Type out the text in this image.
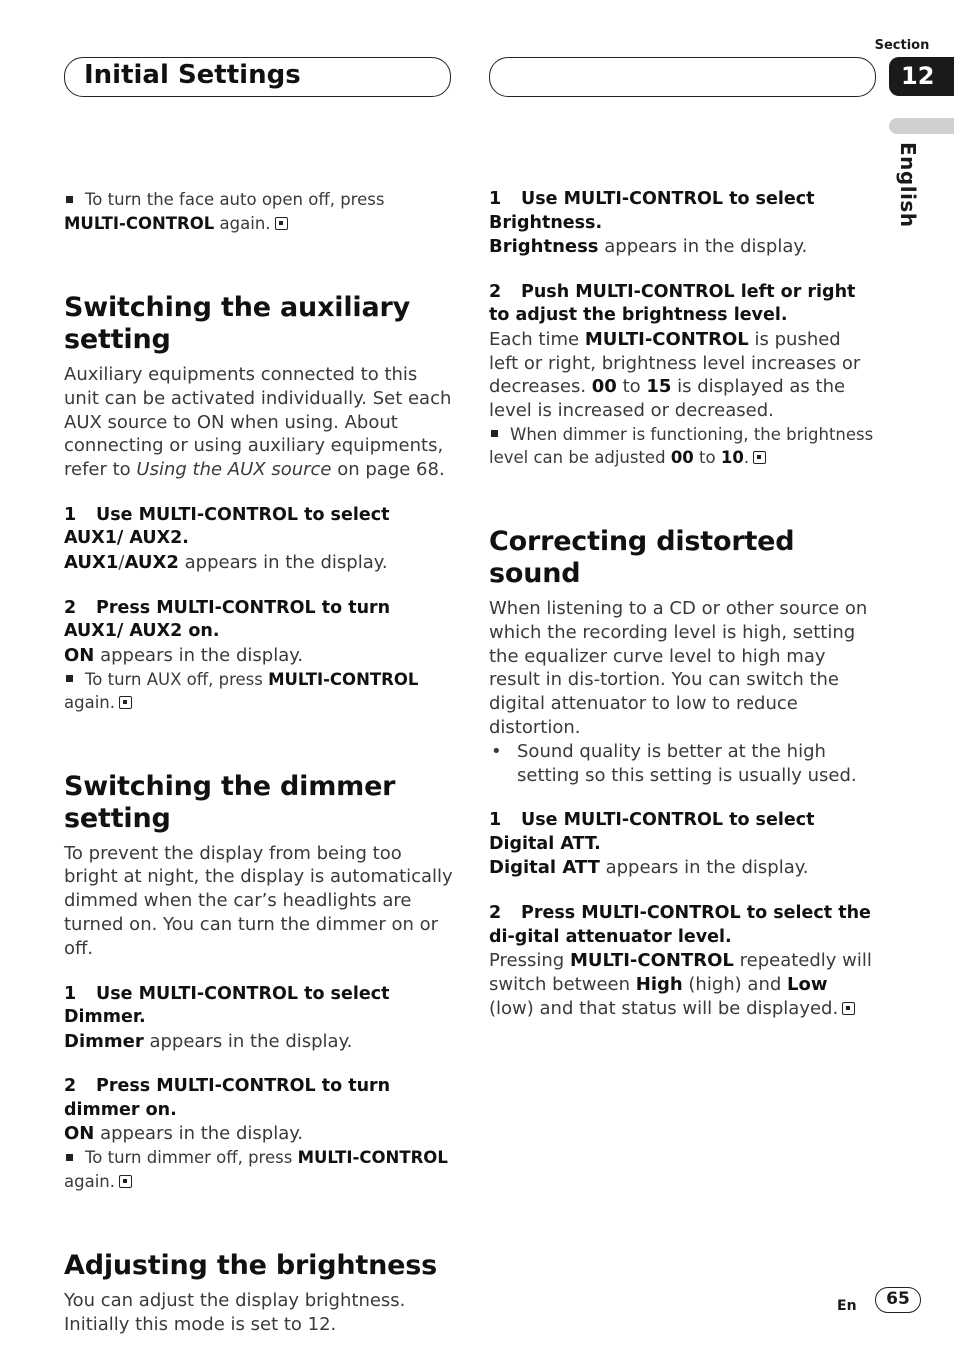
Initial Settings
Section
12
English

To turn the face auto open off, press
MULTI-CONTROL again.

Switching the auxiliary setting

Auxiliary equipments connected to this unit can be activated individually. Set each AUX source to ON when using. About connecting or using auxiliary equipments, refer to Using the AUX source on page 68.

1 Use MULTI-CONTROL to select AUX1/ AUX2.

AUX1/AUX2 appears in the display.

2 Press MULTI-CONTROL to turn AUX1/ AUX2 on.

ON appears in the display.

To turn AUX off, press MULTI-CONTROL
again.

Switching the dimmer setting

To prevent the display from being too bright at night, the display is automatically dimmed when the car’s headlights are turned on. You can turn the dimmer on or off.

1 Use MULTI-CONTROL to select Dimmer.

Dimmer appears in the display.

2 Press MULTI-CONTROL to turn dimmer on.

ON appears in the display.

To turn dimmer off, press MULTI-CONTROL
again.

Adjusting the brightness

You can adjust the display brightness. Initially this mode is set to 12.

1 Use MULTI-CONTROL to select Brightness.

Brightness appears in the display.

2 Push MULTI-CONTROL left or right to adjust the brightness level.

Each time MULTI-CONTROL is pushed left or right, brightness level increases or decreases. 00 to 15 is displayed as the level is increased or decreased.

When dimmer is functioning, the brightness level can be adjusted 00 to 10.

Correcting distorted sound

When listening to a CD or other source on which the recording level is high, setting the equalizer curve level to high may result in dis-tortion. You can switch the digital attenuator to low to reduce distortion.

• Sound quality is better at the high setting so this setting is usually used.

1 Use MULTI-CONTROL to select Digital ATT.

Digital ATT appears in the display.

2 Press MULTI-CONTROL to select the di-gital attenuator level.

Pressing MULTI-CONTROL repeatedly will switch between High (high) and Low (low) and that status will be displayed.

En	65
